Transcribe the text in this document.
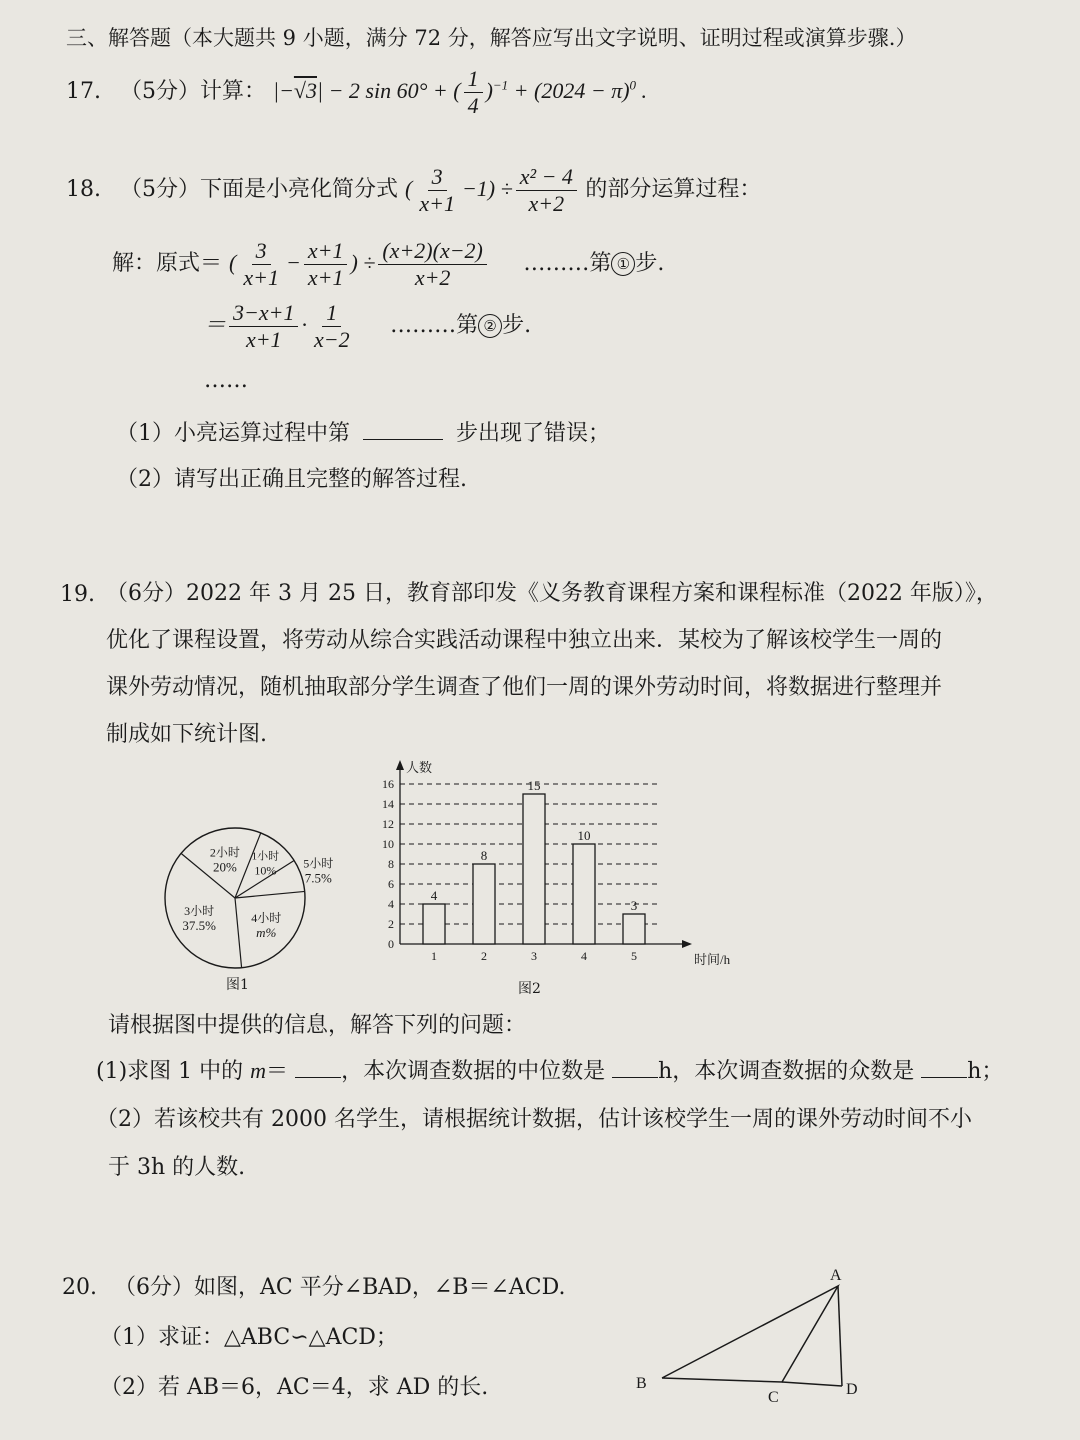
三、解答题（本大题共 9 小题，满分 72 分，解答应写出文字说明、证明过程或演算步骤.）
17. （5分）计算： |−√3| − 2 sin 60° + ( $\frac{1}{4} )^{-1} + (2024 - \pi)^0$ .
18. （5分）下面是小亮化简分式 ( $\frac{3}{x+1} -1) \div \frac{\text{x² − 4}}{x+2}$ 的部分运算过程：
解：原式＝ ( $\frac{3}{x+1} - \frac{x+1}{x+1}$ ) ÷ $\frac{(x+2)(x-2)}{x+2}$ ………第 ① 步.
＝ $\frac{3-x+1}{x+1} \cdot \frac{1}{x-2}$ ………第 ② 步.
……
（1）小亮运算过程中第	步出现了错误；
（2）请写出正确且完整的解答过程.
19. （6分）2022 年 3 月 25 日，教育部印发《义务教育课程方案和课程标准（2022 年版）》，
优化了课程设置，将劳动从综合实践活动课程中独立出来．某校为了解该校学生一周的
课外劳动情况，随机抽取部分学生调查了他们一周的课外劳动时间，将数据进行整理并
制成如下统计图.
2小时
20%
1小时
10% 5小时
7.5%
4小时
m%
3小时
37.5%
图1
人数
时间/h
0
2
4
6
8
10
12
14
16
4
1
8
2
15
3
10
4
3
5
图2
请根据图中提供的信息，解答下列的问题：
(1)求图 1 中的 m＝ ，本次调查数据的中位数是 h，本次调查数据的众数是 h；
（2）若该校共有 2000 名学生，请根据统计数据，估计该校学生一周的课外劳动时间不小
于 3h 的人数.
20. （6分）如图，AC 平分∠BAD，∠B＝∠ACD.
（1）求证：△ABC∽△ACD；
（2）若 AB＝6，AC＝4，求 AD 的长.
A
B
C	D
